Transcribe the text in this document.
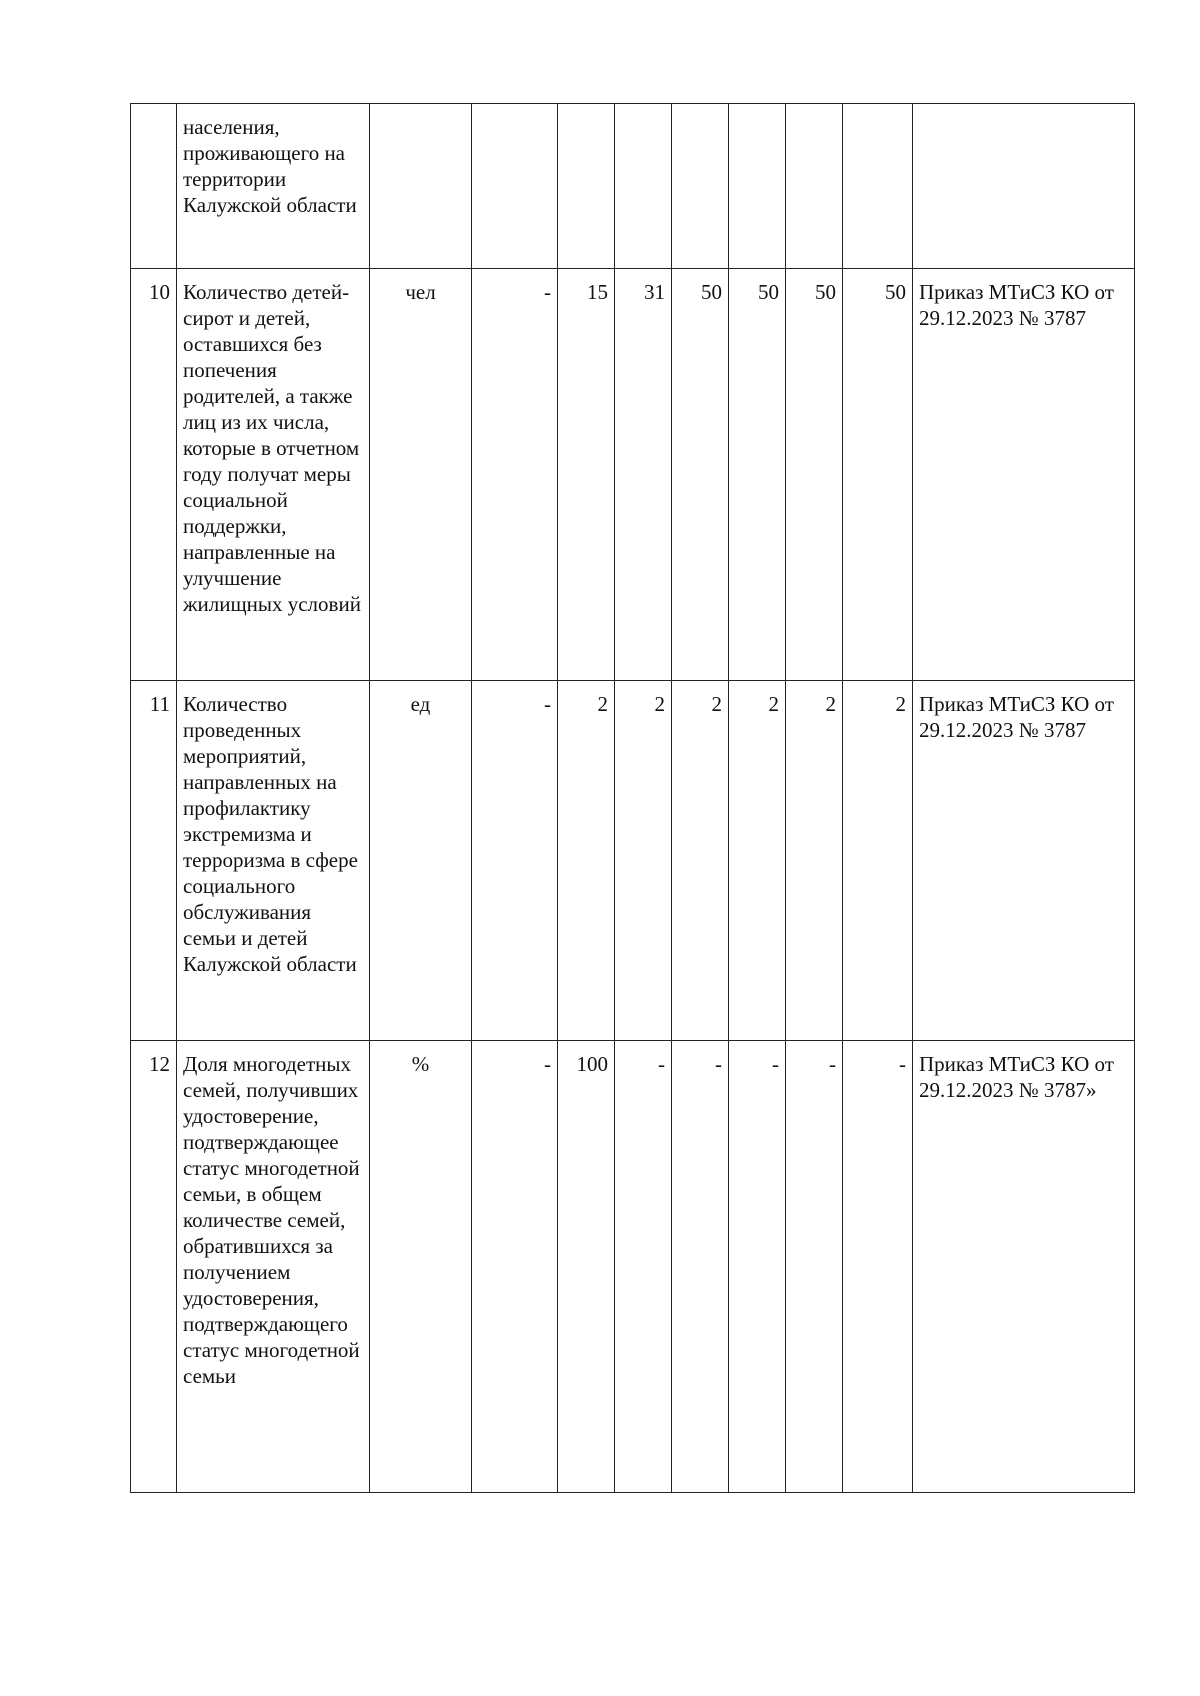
	населения, проживающего на территории Калужской области									
10	Количество детей-сирот и детей, оставшихся без попечения родителей, а также лиц из их числа, которые в отчетном году получат меры социальной поддержки, направленные на улучшение жилищных условий	чел	-	15	31	50	50	50	50	Приказ МТиСЗ КО от 29.12.2023 № 3787
11	Количество проведенных мероприятий, направленных на профилактику экстремизма и терроризма в сфере социального обслуживания семьи и детей Калужской области	ед	-	2	2	2	2	2	2	Приказ МТиСЗ КО от 29.12.2023 № 3787
12	Доля многодетных семей, получивших удостоверение, подтверждающее статус многодетной семьи, в общем количестве семей, обратившихся за получением удостоверения, подтверждающего статус многодетной семьи	%	-	100	-	-	-	-	-	Приказ МТиСЗ КО от 29.12.2023 № 3787»
